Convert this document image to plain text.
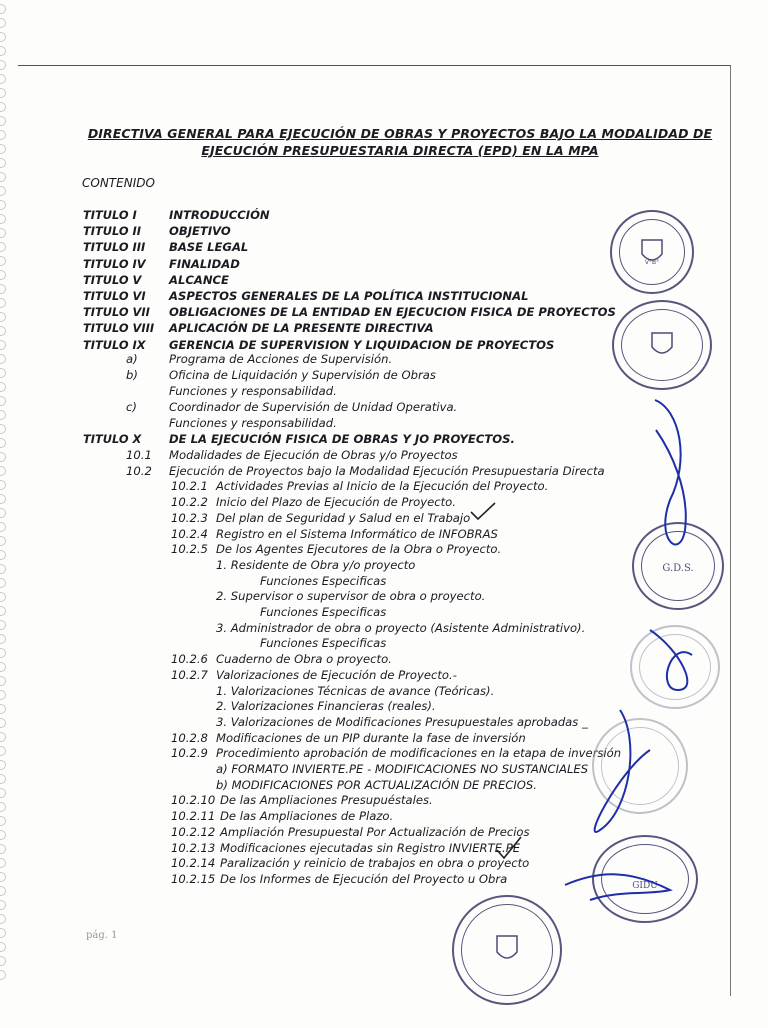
DIRECTIVA GENERAL PARA EJECUCIÓN DE OBRAS Y PROYECTOS BAJO LA MODALIDAD DE
EJECUCIÓN PRESUPUESTARIA DIRECTA (EPD) EN LA MPA
CONTENIDO
TITULO I	INTRODUCCIÓN
TITULO II OBJETIVO
TITULO III BASE LEGAL
TITULO IV FINALIDAD
TITULO V ALCANCE
TITULO VI ASPECTOS GENERALES DE LA POLÍTICA INSTITUCIONAL
TITULO VII OBLIGACIONES DE LA ENTIDAD EN EJECUCION FISICA DE PROYECTOS
TITULO VIII APLICACIÓN DE LA PRESENTE DIRECTIVA
TITULO IX GERENCIA DE SUPERVISION Y LIQUIDACION DE PROYECTOS
a)	Programa de Acciones de Supervisión.
b)	Oficina de Liquidación y Supervisión de Obras
Funciones y responsabilidad.
c)	Coordinador de Supervisión de Unidad Operativa.
Funciones y responsabilidad.
TITULO X DE LA EJECUCIÓN FISICA DE OBRAS Y JO PROYECTOS.
10.1 Modalidades de Ejecución de Obras y/o Proyectos
10.2 Ejecución de Proyectos bajo la Modalidad Ejecución Presupuestaria Directa
10.2.1 Actividades Previas al Inicio de la Ejecución del Proyecto.
10.2.2 Inicio del Plazo de Ejecución de Proyecto.
10.2.3 Del plan de Seguridad y Salud en el Trabajo
10.2.4 Registro en el Sistema Informático de INFOBRAS
10.2.5 De los Agentes Ejecutores de la Obra o Proyecto.
1. Residente de Obra y/o proyecto
Funciones Especificas
2. Supervisor o supervisor de obra o proyecto.
Funciones Especificas
3. Administrador de obra o proyecto (Asistente Administrativo).
Funciones Especificas
10.2.6 Cuaderno de Obra o proyecto.
10.2.7 Valorizaciones de Ejecución de Proyecto.-
1. Valorizaciones Técnicas de avance (Teóricas).
2. Valorizaciones Financieras (reales).
3. Valorizaciones de Modificaciones Presupuestales aprobadas _
10.2.8 Modificaciones de un PIP durante la fase de inversión
10.2.9 Procedimiento aprobación de modificaciones en la etapa de inversión
a) FORMATO INVIERTE.PE - MODIFICACIONES NO SUSTANCIALES
b) MODIFICACIONES POR ACTUALIZACIÓN DE PRECIOS.
10.2.10 De las Ampliaciones Presupuéstales.
10.2.11 De las Ampliaciones de Plazo.
10.2.12 Ampliación Presupuestal Por Actualización de Precios
10.2.13 Modificaciones ejecutadas sin Registro INVIERTE.PE
10.2.14 Paralización y reinicio de trabajos en obra o proyecto
10.2.15 De los Informes de Ejecución del Proyecto u Obra
pág. 1
V°B°
G.D.S.
GIDU
